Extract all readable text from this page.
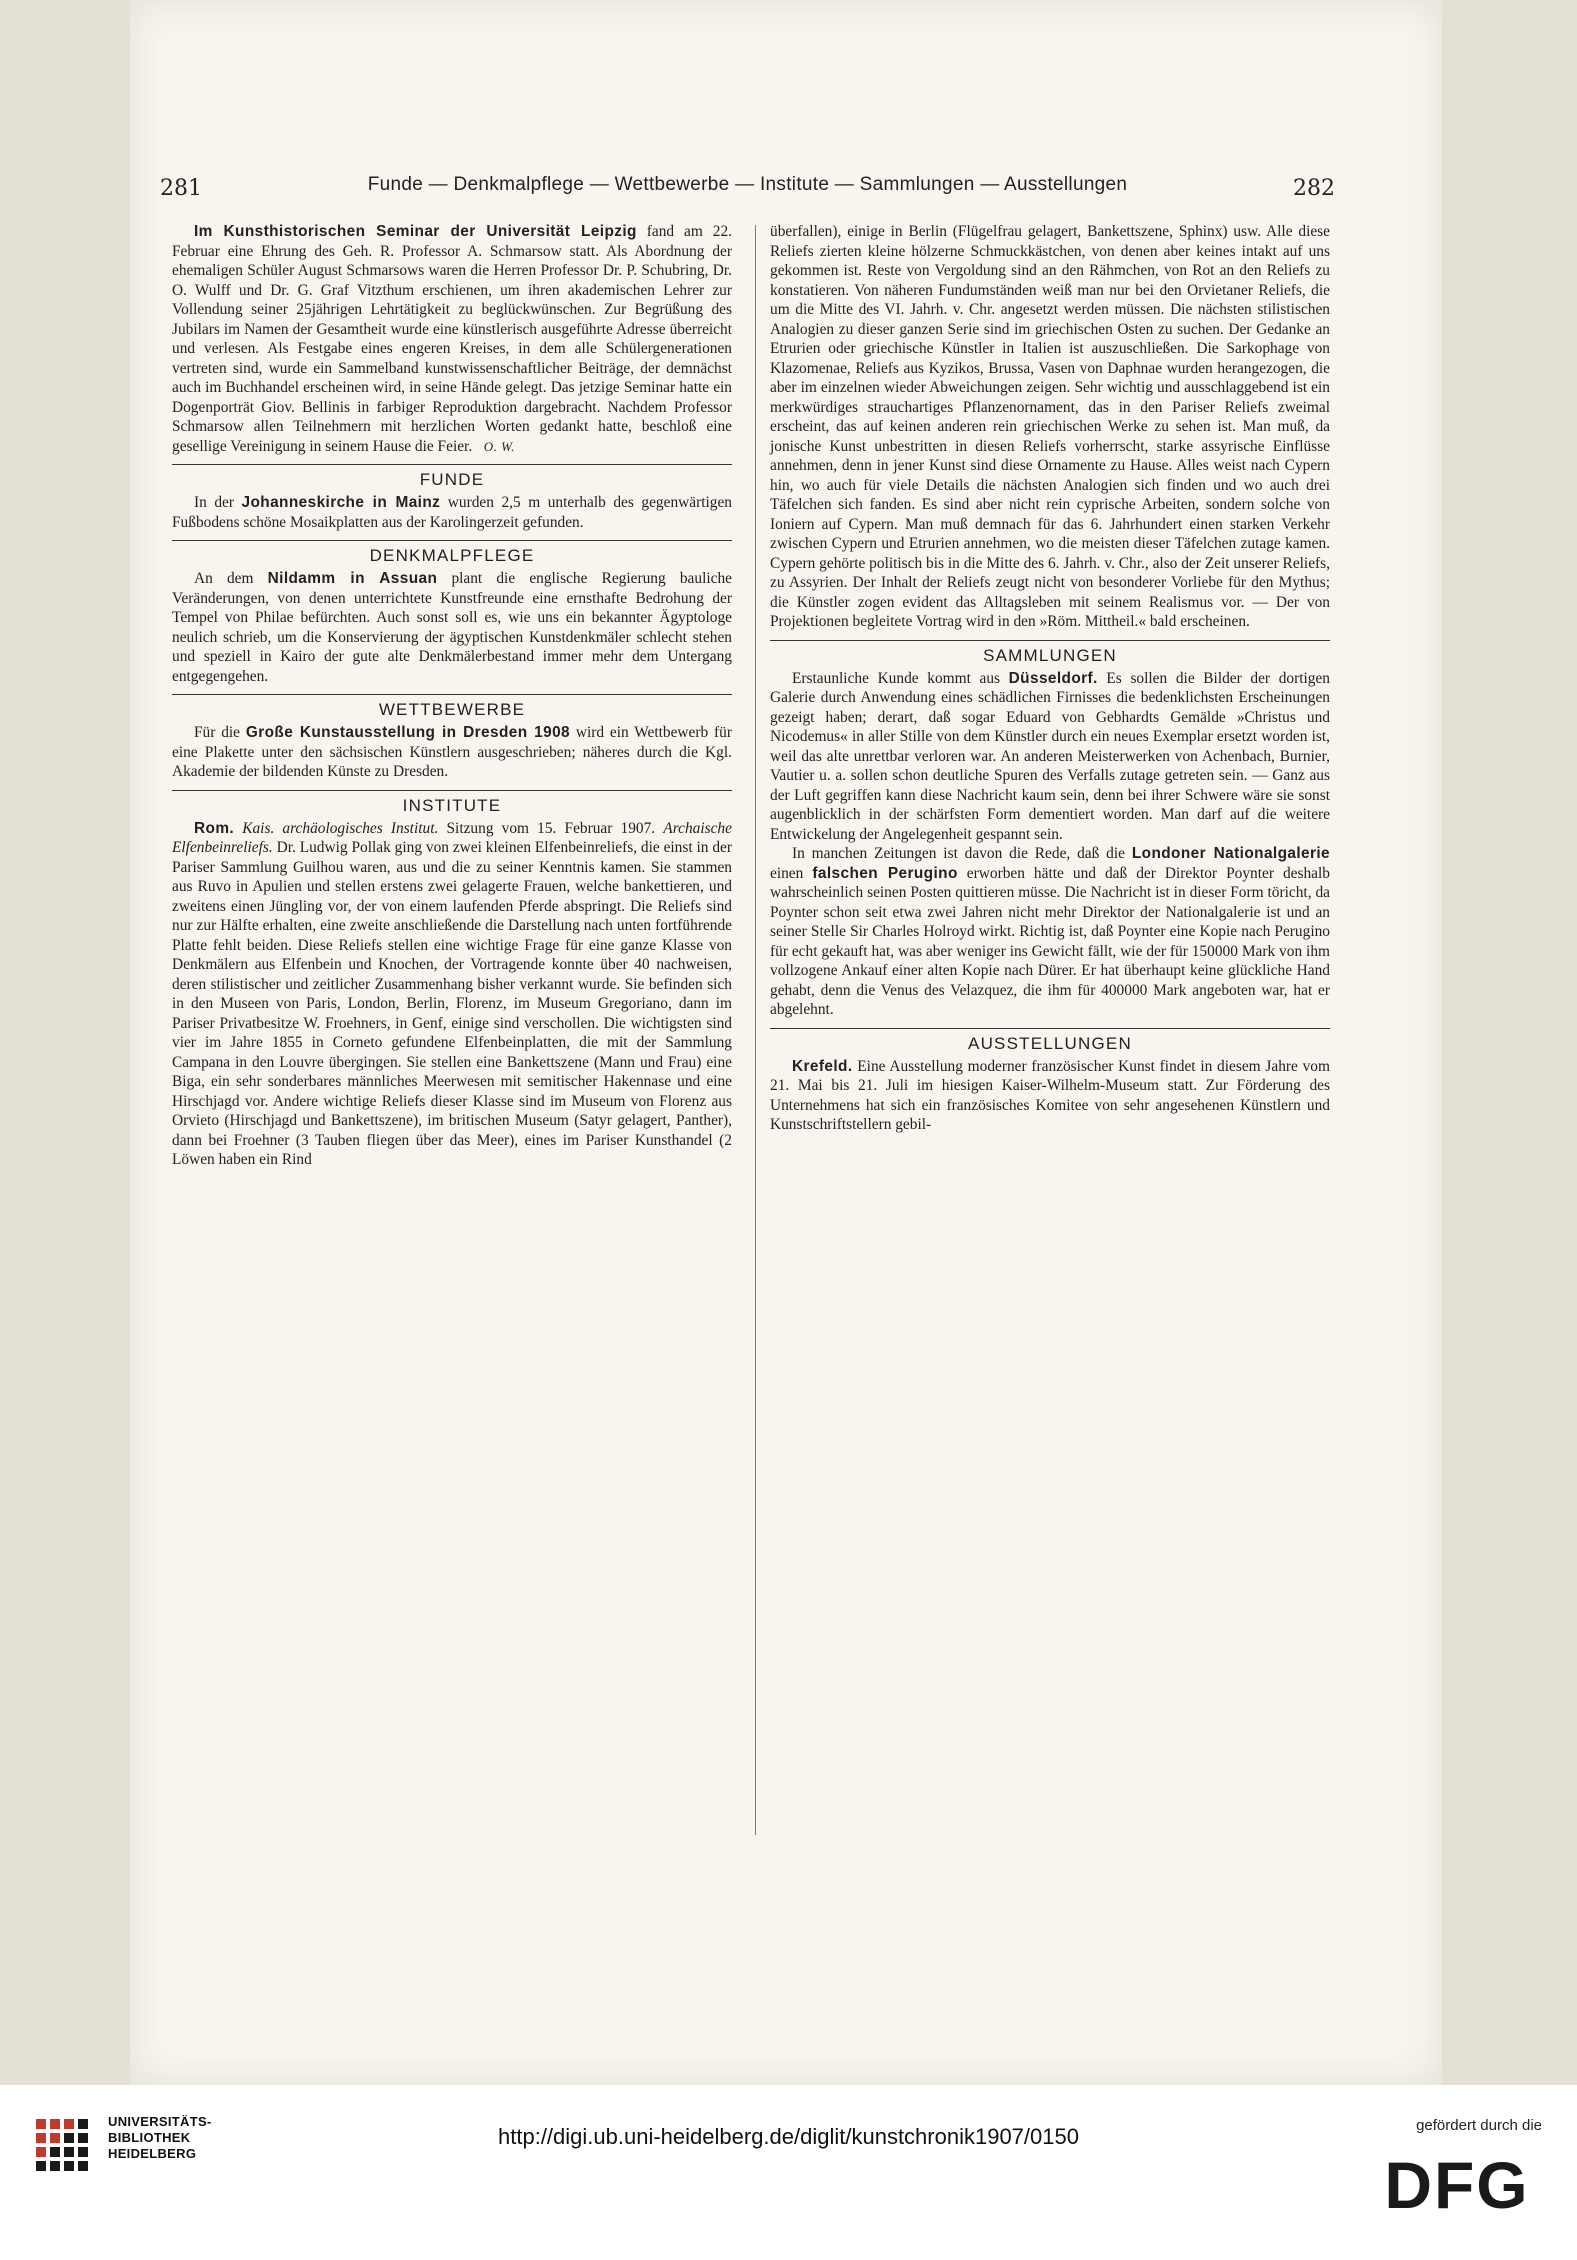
281	Funde — Denkmalpflege — Wettbewerbe — Institute — Sammlungen — Ausstellungen	282

Im Kunsthistorischen Seminar der Universität Leipzig fand am 22. Februar eine Ehrung des Geh. R. Professor A. Schmarsow statt. Als Abordnung der ehemaligen Schüler August Schmarsows waren die Herren Professor Dr. P. Schubring, Dr. O. Wulff und Dr. G. Graf Vitzthum erschienen, um ihren akademischen Lehrer zur Vollendung seiner 25jährigen Lehrtätigkeit zu beglückwünschen. Zur Begrüßung des Jubilars im Namen der Gesamtheit wurde eine künstlerisch ausgeführte Adresse überreicht und verlesen. Als Festgabe eines engeren Kreises, in dem alle Schülergenerationen vertreten sind, wurde ein Sammelband kunstwissenschaftlicher Beiträge, der demnächst auch im Buchhandel erscheinen wird, in seine Hände gelegt. Das jetzige Seminar hatte ein Dogenporträt Giov. Bellinis in farbiger Reproduktion dargebracht. Nachdem Professor Schmarsow allen Teilnehmern mit herzlichen Worten gedankt hatte, beschloß eine gesellige Vereinigung in seinem Hause die Feier. O. W.

FUNDE

In der Johanneskirche in Mainz wurden 2,5 m unterhalb des gegenwärtigen Fußbodens schöne Mosaikplatten aus der Karolingerzeit gefunden.

DENKMALPFLEGE

An dem Nildamm in Assuan plant die englische Regierung bauliche Veränderungen, von denen unterrichtete Kunstfreunde eine ernsthafte Bedrohung der Tempel von Philae befürchten. Auch sonst soll es, wie uns ein bekannter Ägyptologe neulich schrieb, um die Konservierung der ägyptischen Kunstdenkmäler schlecht stehen und speziell in Kairo der gute alte Denkmälerbestand immer mehr dem Untergang entgegengehen.

WETTBEWERBE

Für die Große Kunstausstellung in Dresden 1908 wird ein Wettbewerb für eine Plakette unter den sächsischen Künstlern ausgeschrieben; näheres durch die Kgl. Akademie der bildenden Künste zu Dresden.

INSTITUTE

Rom. Kais. archäologisches Institut. Sitzung vom 15. Februar 1907. Archaische Elfenbeinreliefs. Dr. Ludwig Pollak ging von zwei kleinen Elfenbeinreliefs, die einst in der Pariser Sammlung Guilhou waren, aus und die zu seiner Kenntnis kamen. Sie stammen aus Ruvo in Apulien und stellen erstens zwei gelagerte Frauen, welche bankettieren, und zweitens einen Jüngling vor, der von einem laufenden Pferde abspringt. Die Reliefs sind nur zur Hälfte erhalten, eine zweite anschließende die Darstellung nach unten fortführende Platte fehlt beiden. Diese Reliefs stellen eine wichtige Frage für eine ganze Klasse von Denkmälern aus Elfenbein und Knochen, der Vortragende konnte über 40 nachweisen, deren stilistischer und zeitlicher Zusammenhang bisher verkannt wurde. Sie befinden sich in den Museen von Paris, London, Berlin, Florenz, im Museum Gregoriano, dann im Pariser Privatbesitze W. Froehners, in Genf, einige sind verschollen. Die wichtigsten sind vier im Jahre 1855 in Corneto gefundene Elfenbeinplatten, die mit der Sammlung Campana in den Louvre übergingen. Sie stellen eine Bankettszene (Mann und Frau) eine Biga, ein sehr sonderbares männliches Meerwesen mit semitischer Hakennase und eine Hirschjagd vor. Andere wichtige Reliefs dieser Klasse sind im Museum von Florenz aus Orvieto (Hirschjagd und Bankettszene), im britischen Museum (Satyr gelagert, Panther), dann bei Froehner (3 Tauben fliegen über das Meer), eines im Pariser Kunsthandel (2 Löwen haben ein Rind

überfallen), einige in Berlin (Flügelfrau gelagert, Bankettszene, Sphinx) usw. Alle diese Reliefs zierten kleine hölzerne Schmuckkästchen, von denen aber keines intakt auf uns gekommen ist. Reste von Vergoldung sind an den Rähmchen, von Rot an den Reliefs zu konstatieren. Von näheren Fundumständen weiß man nur bei den Orvietaner Reliefs, die um die Mitte des VI. Jahrh. v. Chr. angesetzt werden müssen. Die nächsten stilistischen Analogien zu dieser ganzen Serie sind im griechischen Osten zu suchen. Der Gedanke an Etrurien oder griechische Künstler in Italien ist auszuschließen. Die Sarkophage von Klazomenae, Reliefs aus Kyzikos, Brussa, Vasen von Daphnae wurden herangezogen, die aber im einzelnen wieder Abweichungen zeigen. Sehr wichtig und ausschlaggebend ist ein merkwürdiges strauchartiges Pflanzenornament, das in den Pariser Reliefs zweimal erscheint, das auf keinen anderen rein griechischen Werke zu sehen ist. Man muß, da jonische Kunst unbestritten in diesen Reliefs vorherrscht, starke assyrische Einflüsse annehmen, denn in jener Kunst sind diese Ornamente zu Hause. Alles weist nach Cypern hin, wo auch für viele Details die nächsten Analogien sich finden und wo auch drei Täfelchen sich fanden. Es sind aber nicht rein cyprische Arbeiten, sondern solche von Ioniern auf Cypern. Man muß demnach für das 6. Jahrhundert einen starken Verkehr zwischen Cypern und Etrurien annehmen, wo die meisten dieser Täfelchen zutage kamen. Cypern gehörte politisch bis in die Mitte des 6. Jahrh. v. Chr., also der Zeit unserer Reliefs, zu Assyrien. Der Inhalt der Reliefs zeugt nicht von besonderer Vorliebe für den Mythus; die Künstler zogen evident das Alltagsleben mit seinem Realismus vor. — Der von Projektionen begleitete Vortrag wird in den »Röm. Mittheil.« bald erscheinen.

SAMMLUNGEN

Erstaunliche Kunde kommt aus Düsseldorf. Es sollen die Bilder der dortigen Galerie durch Anwendung eines schädlichen Firnisses die bedenklichsten Erscheinungen gezeigt haben; derart, daß sogar Eduard von Gebhardts Gemälde »Christus und Nicodemus« in aller Stille von dem Künstler durch ein neues Exemplar ersetzt worden ist, weil das alte unrettbar verloren war. An anderen Meisterwerken von Achenbach, Burnier, Vautier u. a. sollen schon deutliche Spuren des Verfalls zutage getreten sein. — Ganz aus der Luft gegriffen kann diese Nachricht kaum sein, denn bei ihrer Schwere wäre sie sonst augenblicklich in der schärfsten Form dementiert worden. Man darf auf die weitere Entwickelung der Angelegenheit gespannt sein.

In manchen Zeitungen ist davon die Rede, daß die Londoner Nationalgalerie einen falschen Perugino erworben hätte und daß der Direktor Poynter deshalb wahrscheinlich seinen Posten quittieren müsse. Die Nachricht ist in dieser Form töricht, da Poynter schon seit etwa zwei Jahren nicht mehr Direktor der Nationalgalerie ist und an seiner Stelle Sir Charles Holroyd wirkt. Richtig ist, daß Poynter eine Kopie nach Perugino für echt gekauft hat, was aber weniger ins Gewicht fällt, wie der für 150000 Mark von ihm vollzogene Ankauf einer alten Kopie nach Dürer. Er hat überhaupt keine glückliche Hand gehabt, denn die Venus des Velazquez, die ihm für 400000 Mark angeboten war, hat er abgelehnt.

AUSSTELLUNGEN

Krefeld. Eine Ausstellung moderner französischer Kunst findet in diesem Jahre vom 21. Mai bis 21. Juli im hiesigen Kaiser-Wilhelm-Museum statt. Zur Förderung des Unternehmens hat sich ein französisches Komitee von sehr angesehenen Künstlern und Kunstschriftstellern gebil-

UNIVERSITÄTS-
BIBLIOTHEK
HEIDELBERG
http://digi.ub.uni-heidelberg.de/diglit/kunstchronik1907/0150	gefördert durch die
DFG
